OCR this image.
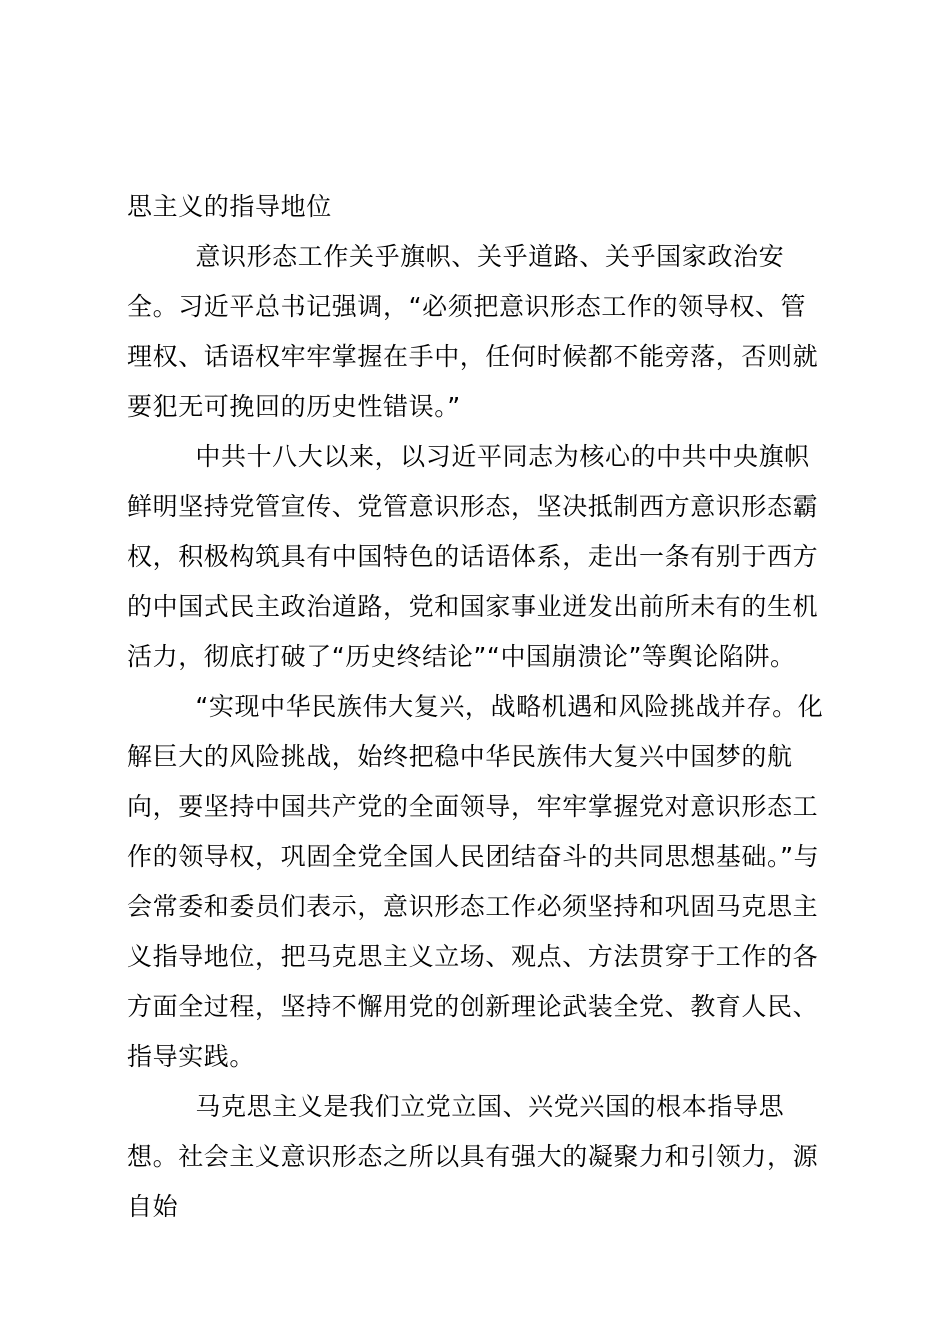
思主义的指导地位

意识形态工作关乎旗帜、关乎道路、关乎国家政治安全。习近平总书记强调，“必须把意识形态工作的领导权、管理权、话语权牢牢掌握在手中，任何时候都不能旁落，否则就要犯无可挽回的历史性错误。”

中共十八大以来，以习近平同志为核心的中共中央旗帜鲜明坚持党管宣传、党管意识形态，坚决抵制西方意识形态霸权，积极构筑具有中国特色的话语体系，走出一条有别于西方的中国式民主政治道路，党和国家事业迸发出前所未有的生机活力，彻底打破了“历史终结论”“中国崩溃论”等舆论陷阱。

“实现中华民族伟大复兴，战略机遇和风险挑战并存。化解巨大的风险挑战，始终把稳中华民族伟大复兴中国梦的航向，要坚持中国共产党的全面领导，牢牢掌握党对意识形态工作的领导权，巩固全党全国人民团结奋斗的共同思想基础。”与会常委和委员们表示，意识形态工作必须坚持和巩固马克思主义指导地位，把马克思主义立场、观点、方法贯穿于工作的各方面全过程，坚持不懈用党的创新理论武装全党、教育人民、指导实践。

马克思主义是我们立党立国、兴党兴国的根本指导思想。社会主义意识形态之所以具有强大的凝聚力和引领力，源自始
